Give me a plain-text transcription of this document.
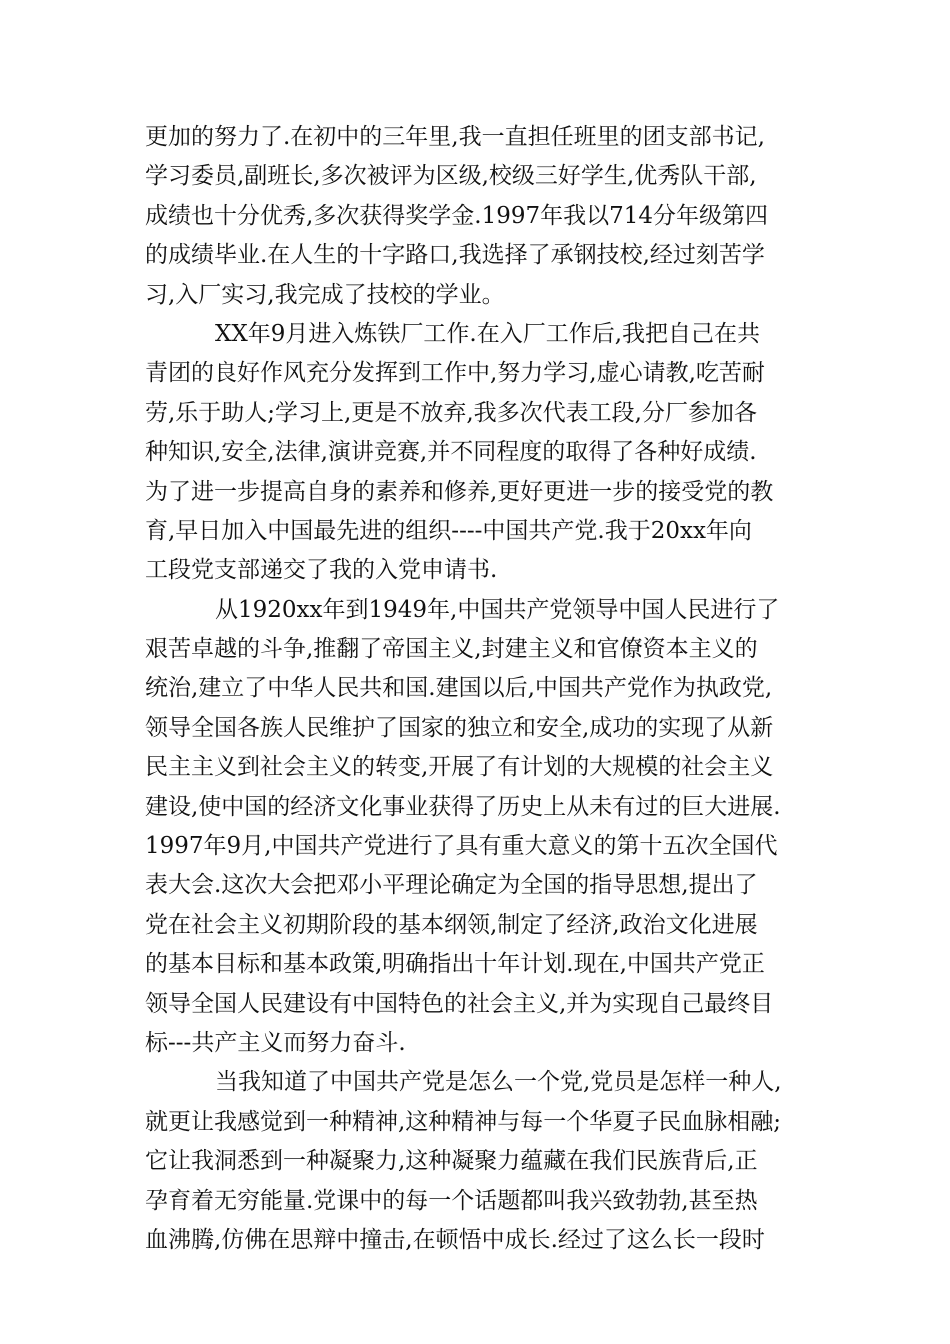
更加的努力了.在初中的三年里,我一直担任班里的团支部书记,
学习委员,副班长,多次被评为区级,校级三好学生,优秀队干部,
成绩也十分优秀,多次获得奖学金.1997年我以714分年级第四
的成绩毕业.在人生的十字路口,我选择了承钢技校,经过刻苦学
习,入厂实习,我完成了技校的学业。
XX年9月进入炼铁厂工作.在入厂工作后,我把自己在共
青团的良好作风充分发挥到工作中,努力学习,虚心请教,吃苦耐
劳,乐于助人;学习上,更是不放弃,我多次代表工段,分厂参加各
种知识,安全,法律,演讲竞赛,并不同程度的取得了各种好成绩.
为了进一步提高自身的素养和修养,更好更进一步的接受党的教
育,早日加入中国最先进的组织----中国共产党.我于20xx年向
工段党支部递交了我的入党申请书.
从1920xx年到1949年,中国共产党领导中国人民进行了
艰苦卓越的斗争,推翻了帝国主义,封建主义和官僚资本主义的
统治,建立了中华人民共和国.建国以后,中国共产党作为执政党,
领导全国各族人民维护了国家的独立和安全,成功的实现了从新
民主主义到社会主义的转变,开展了有计划的大规模的社会主义
建设,使中国的经济文化事业获得了历史上从未有过的巨大进展.
1997年9月,中国共产党进行了具有重大意义的第十五次全国代
表大会.这次大会把邓小平理论确定为全国的指导思想,提出了
党在社会主义初期阶段的基本纲领,制定了经济,政治文化进展
的基本目标和基本政策,明确指出十年计划.现在,中国共产党正
领导全国人民建设有中国特色的社会主义,并为实现自己最终目
标---共产主义而努力奋斗.
当我知道了中国共产党是怎么一个党,党员是怎样一种人,
就更让我感觉到一种精神,这种精神与每一个华夏子民血脉相融;
它让我洞悉到一种凝聚力,这种凝聚力蕴藏在我们民族背后,正
孕育着无穷能量.党课中的每一个话题都叫我兴致勃勃,甚至热
血沸腾,仿佛在思辩中撞击,在顿悟中成长.经过了这么长一段时
